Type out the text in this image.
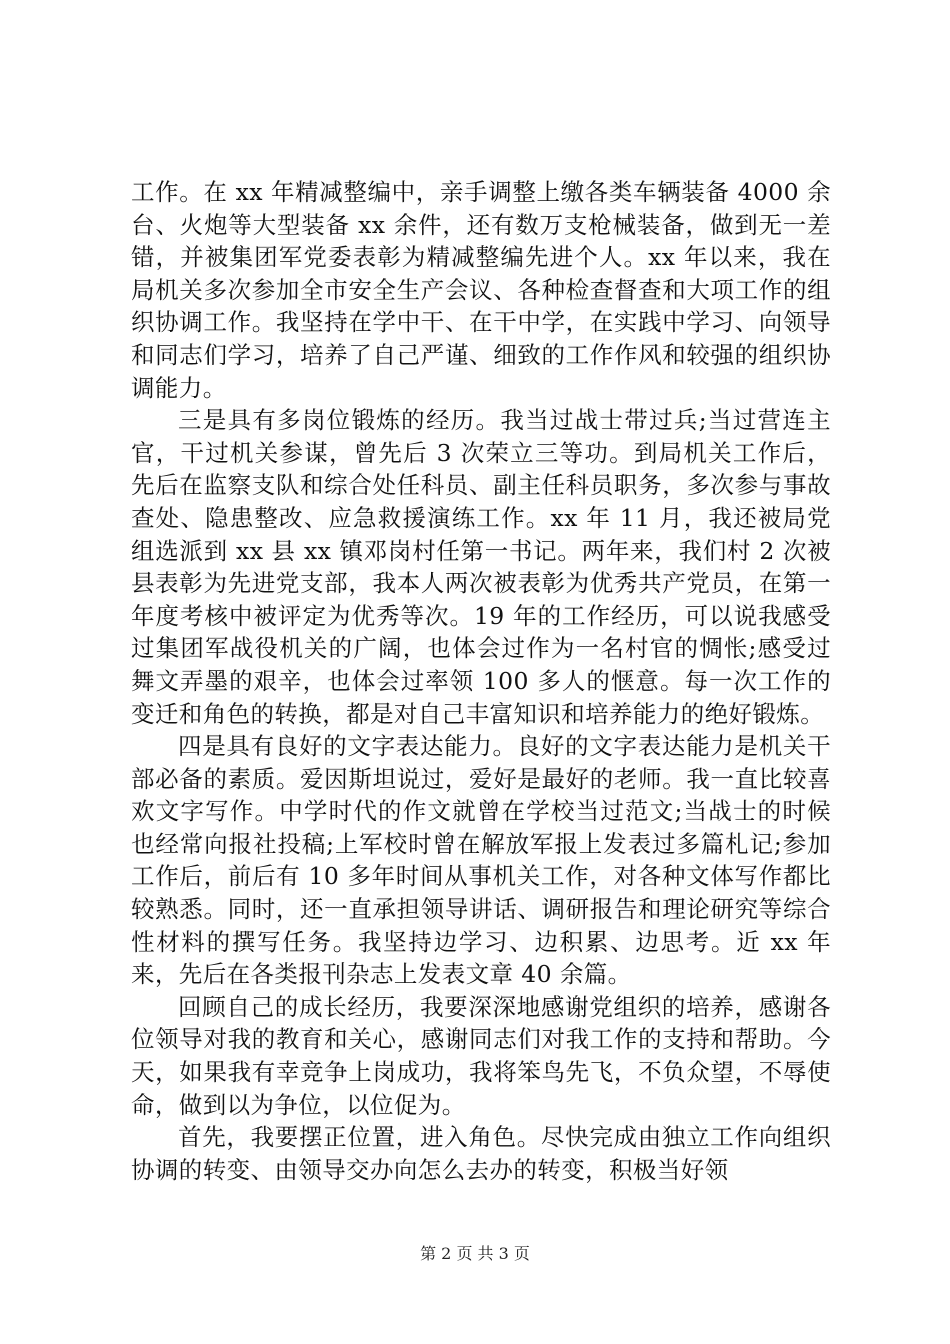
工作。在 xx 年精减整编中，亲手调整上缴各类车辆装备 4000 余台、火炮等大型装备 xx 余件，还有数万支枪械装备，做到无一差错，并被集团军党委表彰为精减整编先进个人。xx 年以来，我在局机关多次参加全市安全生产会议、各种检查督查和大项工作的组织协调工作。我坚持在学中干、在干中学，在实践中学习、向领导和同志们学习，培养了自己严谨、细致的工作作风和较强的组织协调能力。

三是具有多岗位锻炼的经历。我当过战士带过兵;当过营连主官，干过机关参谋，曾先后 3 次荣立三等功。到局机关工作后，先后在监察支队和综合处任科员、副主任科员职务，多次参与事故查处、隐患整改、应急救援演练工作。xx 年 11 月，我还被局党组选派到 xx 县 xx 镇邓岗村任第一书记。两年来，我们村 2 次被县表彰为先进党支部，我本人两次被表彰为优秀共产党员，在第一年度考核中被评定为优秀等次。19 年的工作经历，可以说我感受过集团军战役机关的广阔，也体会过作为一名村官的惆怅;感受过舞文弄墨的艰辛，也体会过率领 100 多人的惬意。每一次工作的变迁和角色的转换，都是对自己丰富知识和培养能力的绝好锻炼。

四是具有良好的文字表达能力。良好的文字表达能力是机关干部必备的素质。爱因斯坦说过，爱好是最好的老师。我一直比较喜欢文字写作。中学时代的作文就曾在学校当过范文;当战士的时候也经常向报社投稿;上军校时曾在解放军报上发表过多篇札记;参加工作后，前后有 10 多年时间从事机关工作，对各种文体写作都比较熟悉。同时，还一直承担领导讲话、调研报告和理论研究等综合性材料的撰写任务。我坚持边学习、边积累、边思考。近 xx 年来，先后在各类报刊杂志上发表文章 40 余篇。

回顾自己的成长经历，我要深深地感谢党组织的培养，感谢各位领导对我的教育和关心，感谢同志们对我工作的支持和帮助。今天，如果我有幸竞争上岗成功，我将笨鸟先飞，不负众望，不辱使命，做到以为争位，以位促为。

首先，我要摆正位置，进入角色。尽快完成由独立工作向组织协调的转变、由领导交办向怎么去办的转变，积极当好领

第 2 页 共 3 页
